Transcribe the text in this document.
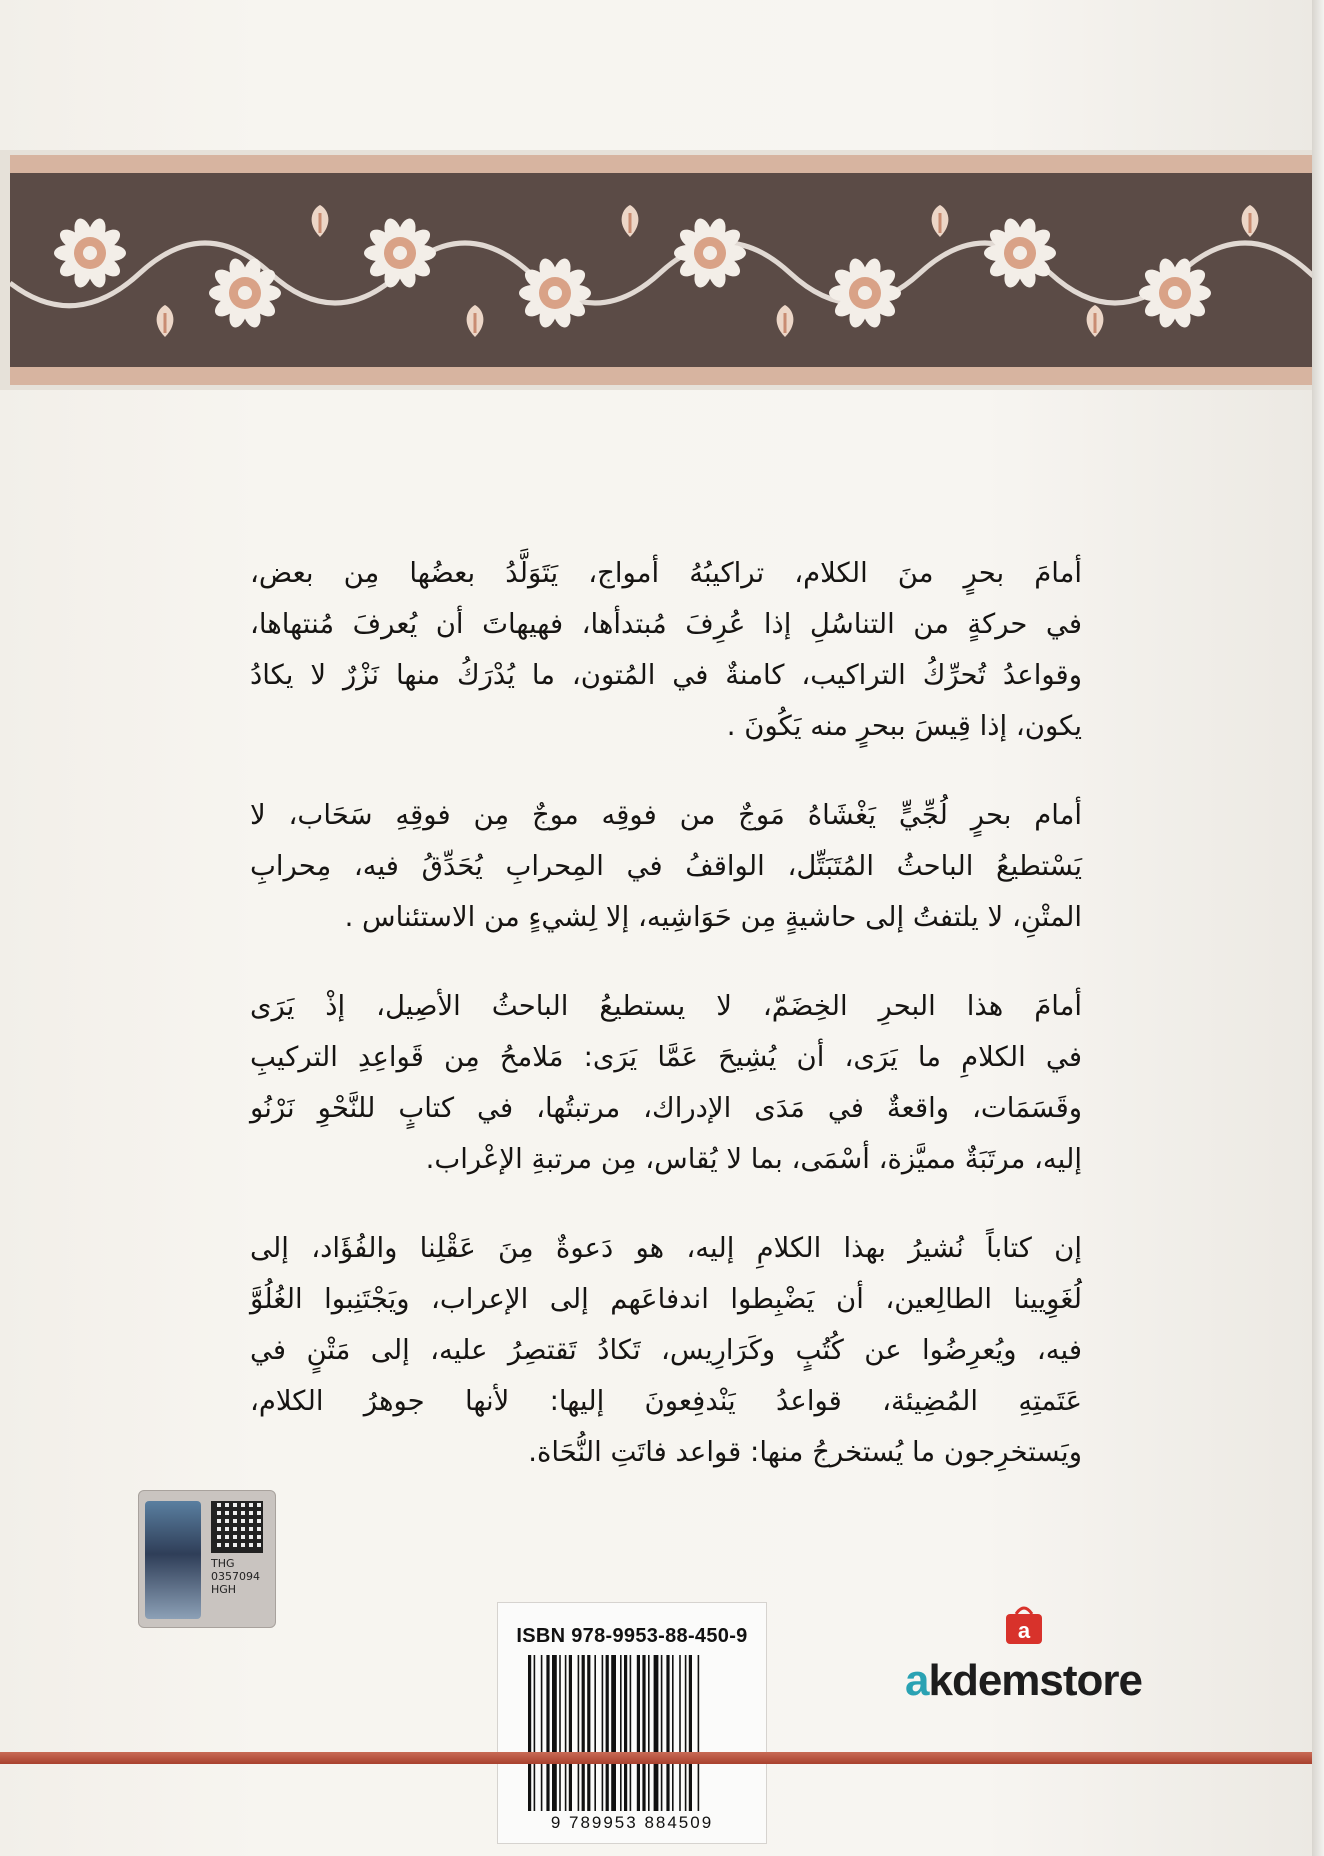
أمامَ بحرٍ منَ الكلام، تراكيبُهُ أمواج، يَتَوَلَّدُ بعضُها مِن بعض،
في حركةٍ من التناسُلِ إذا عُرِفَ مُبتدأها، فهيهاتَ أن يُعرفَ مُنتهاها،
وقواعدُ تُحرِّكُ التراكيب، كامنةٌ في المُتون، ما يُدْرَكُ منها نَزْرٌ لا يكادُ
يكون، إذا قِيسَ ببحرٍ منه يَكُونَ .

أمام بحرٍ لُجِّيٍّ يَغْشَاهُ مَوجٌ من فوقِه موجٌ مِن فوقِهِ سَحَاب، لا
يَسْتطيعُ الباحثُ المُتَبَتِّل، الواقفُ في المِحرابِ يُحَدِّقُ فيه، مِحرابِ
المتْنِ، لا يلتفتُ إلى حاشيةٍ مِن حَوَاشِيه، إلا لِشيءٍ من الاستئناس .

أمامَ هذا البحرِ الخِضَمّ، لا يستطيعُ الباحثُ الأصِيل، إذْ يَرَى
في الكلامِ ما يَرَى، أن يُشِيحَ عَمَّا يَرَى: مَلامحُ مِن قَواعِدِ التركيبِ
وقَسَمَات، واقعةٌ في مَدَى الإدراك، مرتبتُها، في كتابٍ للنَّحْوِ نَرْنُو
إليه، مرتَبَةٌ مميَّزة، أسْمَى، بما لا يُقاس، مِن مرتبةِ الإعْراب.

إن كتاباً نُشيرُ بهذا الكلامِ إليه، هو دَعوةٌ مِنَ عَقْلِنا والفُؤَاد، إلى
لُغَوِيينا الطالِعين، أن يَضْبِطوا اندفاعَهم إلى الإعراب، ويَجْتَنِبوا الغُلُوَّ
فيه، ويُعرِضُوا عن كُتُبٍ وكَرَارِيس، تَكادُ تَقتصِرُ عليه، إلى مَتْنٍ في
عَتَمتِهِ المُضِيئة، قواعدُ يَنْدفِعونَ إليها: لأنها جوهرُ الكلام،
ويَستخرِجون ما يُستخرجُ منها: قواعد فاتَتِ النُّحَاة.

THG
0357094
HGH
ISBN 978-9953-88-450-9
9 789953 884509
a
akdemstore
